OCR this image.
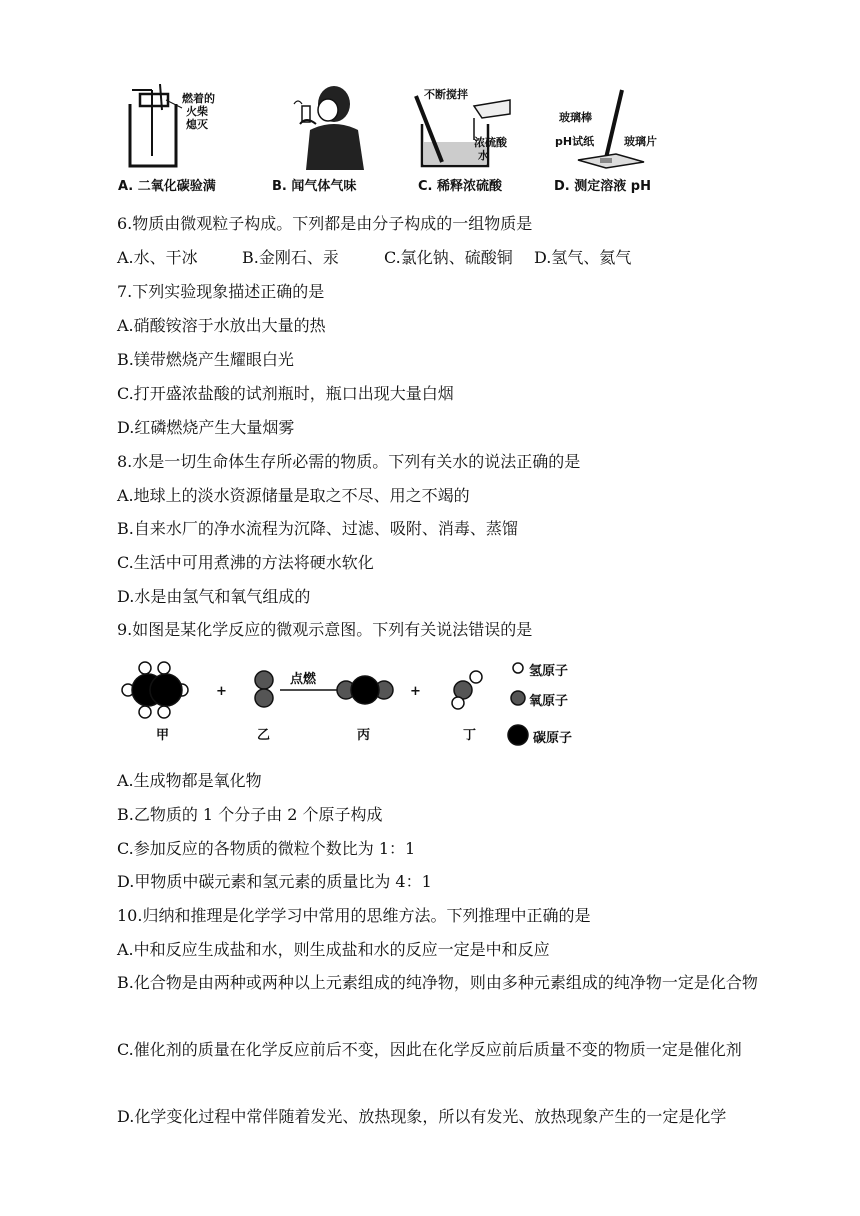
燃着的
火柴
熄灭
A. 二氧化碳验满	B. 闻气体气味
不断搅拌
浓硫酸
水
C. 稀释浓硫酸
玻璃棒
pH试纸	玻璃片
D. 测定溶液 pH
6.物质由微观粒子构成。下列都是由分子构成的一组物质是
A.水、干冰	B.金刚石、汞	C.氯化钠、硫酸铜 D.氢气、氦气
7.下列实验现象描述正确的是
A.硝酸铵溶于水放出大量的热
B.镁带燃烧产生耀眼白光
C.打开盛浓盐酸的试剂瓶时，瓶口出现大量白烟
D.红磷燃烧产生大量烟雾
8.水是一切生命体生存所必需的物质。下列有关水的说法正确的是
A.地球上的淡水资源储量是取之不尽、用之不竭的
B.自来水厂的净水流程为沉降、过滤、吸附、消毒、蒸馏
C.生活中可用煮沸的方法将硬水软化
D.水是由氢气和氧气组成的
9.如图是某化学反应的微观示意图。下列有关说法错误的是
+	+
点燃
甲	乙	丙	丁
氢原子
氧原子
碳原子
A.生成物都是氧化物
B.乙物质的 1 个分子由 2 个原子构成
C.参加反应的各物质的微粒个数比为 1：1
D.甲物质中碳元素和氢元素的质量比为 4：1
10.归纳和推理是化学学习中常用的思维方法。下列推理中正确的是
A.中和反应生成盐和水，则生成盐和水的反应一定是中和反应
B.化合物是由两种或两种以上元素组成的纯净物，则由多种元素组成的纯净物一定是化合物
C.催化剂的质量在化学反应前后不变，因此在化学反应前后质量不变的物质一定是催化剂
D.化学变化过程中常伴随着发光、放热现象，所以有发光、放热现象产生的一定是化学
